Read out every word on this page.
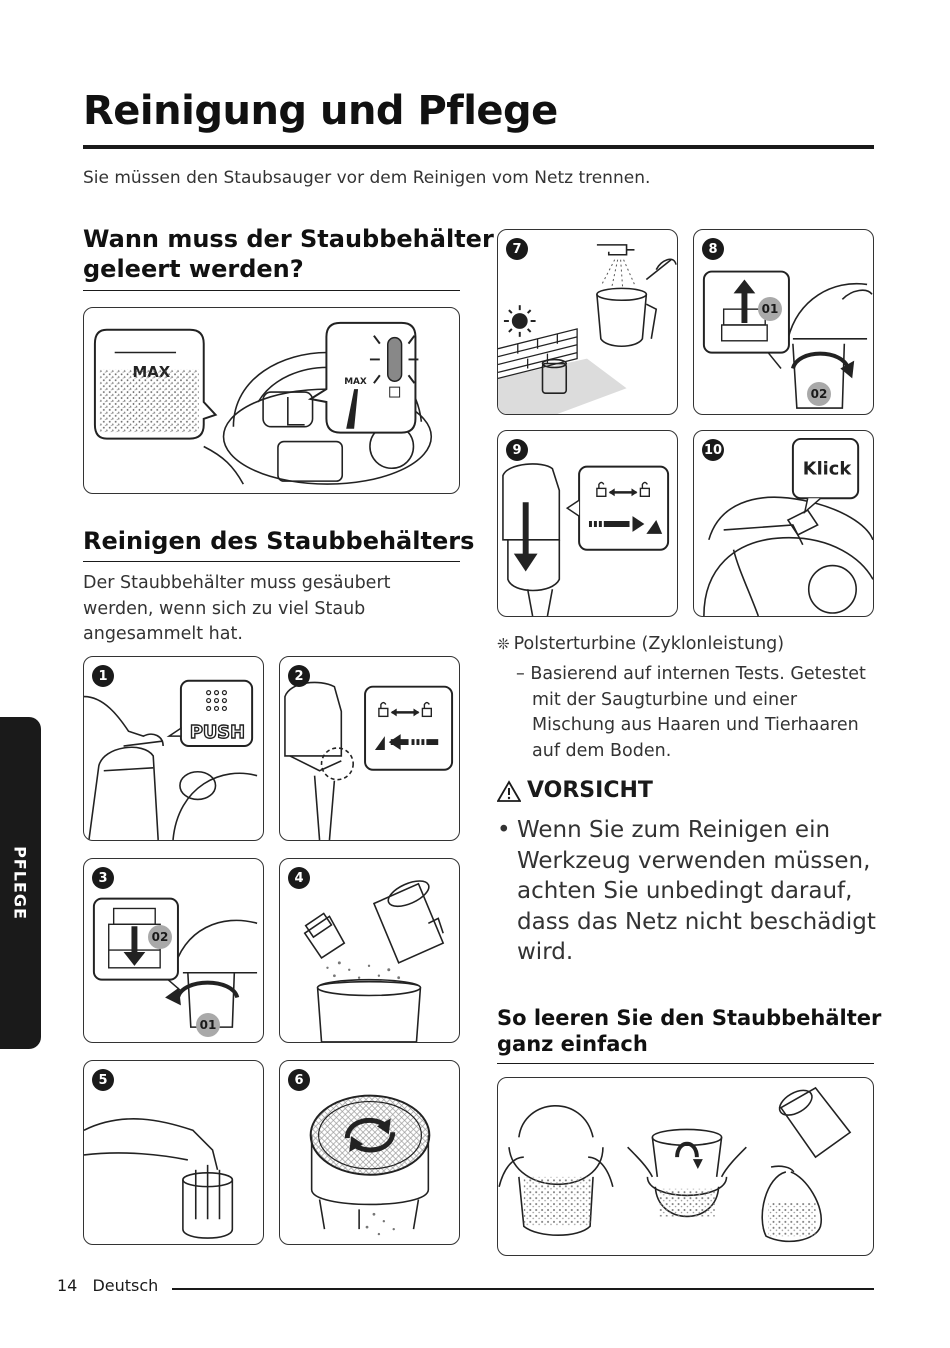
Reinigung und Pflege
Sie müssen den Staubsauger vor dem Reinigen vom Netz trennen.
PFLEGE
Wann muss der Staubbehälter
geleert werden?
MAX
Reinigen des Staubbehälters
Der Staubbehälter muss gesäubert
werden, wenn sich zu viel Staub
angesammelt hat.
1
PUSH
2
3
02
01
4
5	6
7	8
01
02
9	10
Klick
❊ Polsterturbine (Zyklonleistung)
– Basierend auf internen Tests. Getestet
mit der Saugturbine und einer
Mischung aus Haaren und Tierhaaren
auf dem Boden.
VORSICHT
• Wenn Sie zum Reinigen ein
Werkzeug verwenden müssen,
achten Sie unbedingt darauf,
dass das Netz nicht beschädigt
wird.
So leeren Sie den Staubbehälter
ganz einfach
14 Deutsch
